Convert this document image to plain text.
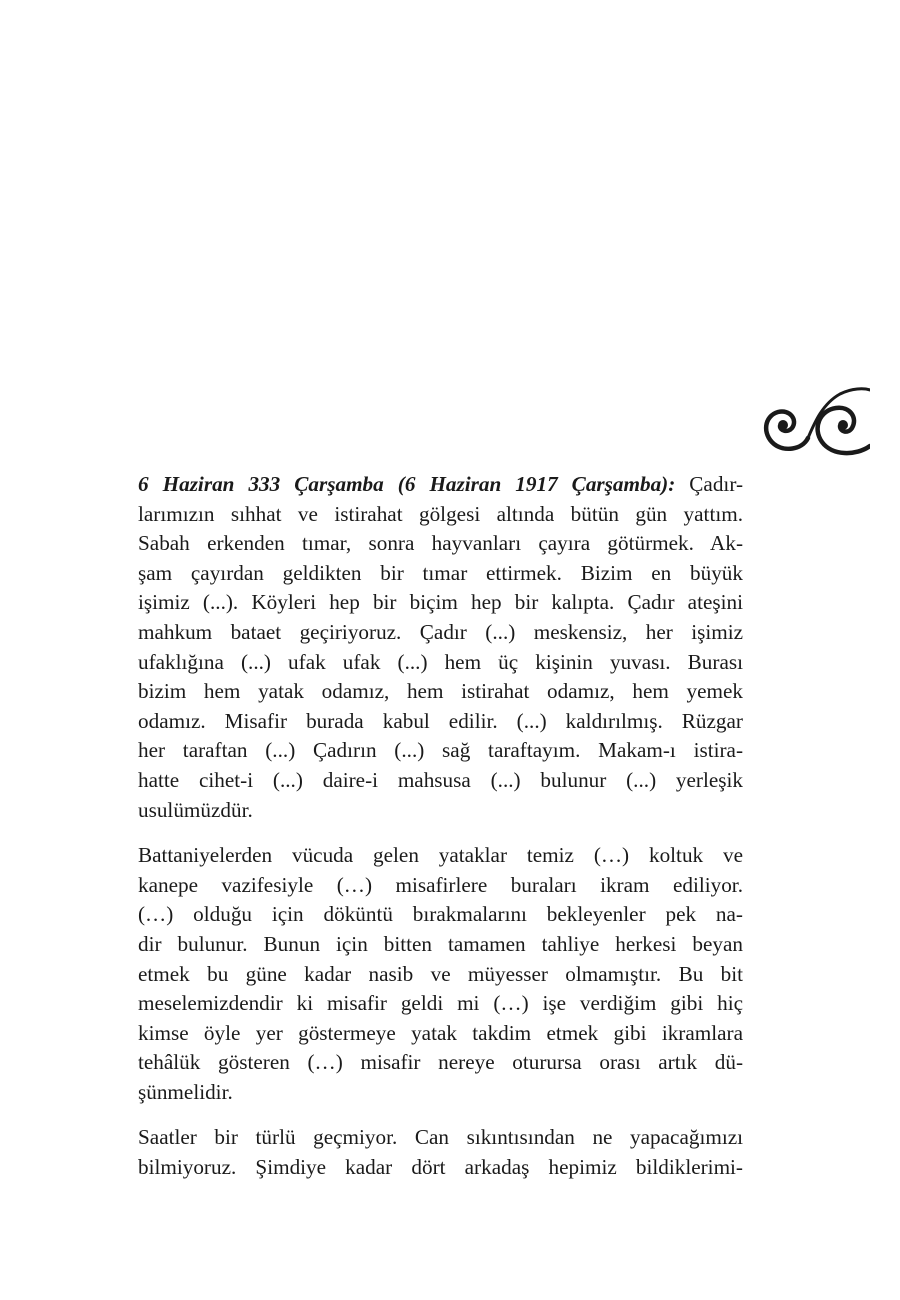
6 Haziran 333 Çarşamba (6 Haziran 1917 Çarşamba): Çadır-
larımızın sıhhat ve istirahat gölgesi altında bütün gün yattım.
Sabah erkenden tımar, sonra hayvanları çayıra götürmek. Ak-
şam çayırdan geldikten bir tımar ettirmek. Bizim en büyük
işimiz (...). Köyleri hep bir biçim hep bir kalıpta. Çadır ateşini
mahkum bataet geçiriyoruz. Çadır (...) meskensiz, her işimiz
ufaklığına (...) ufak ufak (...) hem üç kişinin yuvası. Burası
bizim hem yatak odamız, hem istirahat odamız, hem yemek
odamız. Misafir burada kabul edilir. (...) kaldırılmış. Rüzgar
her taraftan (...) Çadırın (...) sağ taraftayım. Makam-ı istira-
hatte cihet-i (...) daire-i mahsusa (...) bulunur (...) yerleşik
usulümüzdür.

Battaniyelerden vücuda gelen yataklar temiz (…) koltuk ve
kanepe vazifesiyle (…) misafirlere buraları ikram ediliyor.
(…) olduğu için döküntü bırakmalarını bekleyenler pek na-
dir bulunur. Bunun için bitten tamamen tahliye herkesi beyan
etmek bu güne kadar nasib ve müyesser olmamıştır. Bu bit
meselemizdendir ki misafir geldi mi (…) işe verdiğim gibi hiç
kimse öyle yer göstermeye yatak takdim etmek gibi ikramlara
tehâlük gösteren (…) misafir nereye oturursa orası artık dü-
şünmelidir.

Saatler bir türlü geçmiyor. Can sıkıntısından ne yapacağımızı
bilmiyoruz. Şimdiye kadar dört arkadaş hepimiz bildiklerimi-
